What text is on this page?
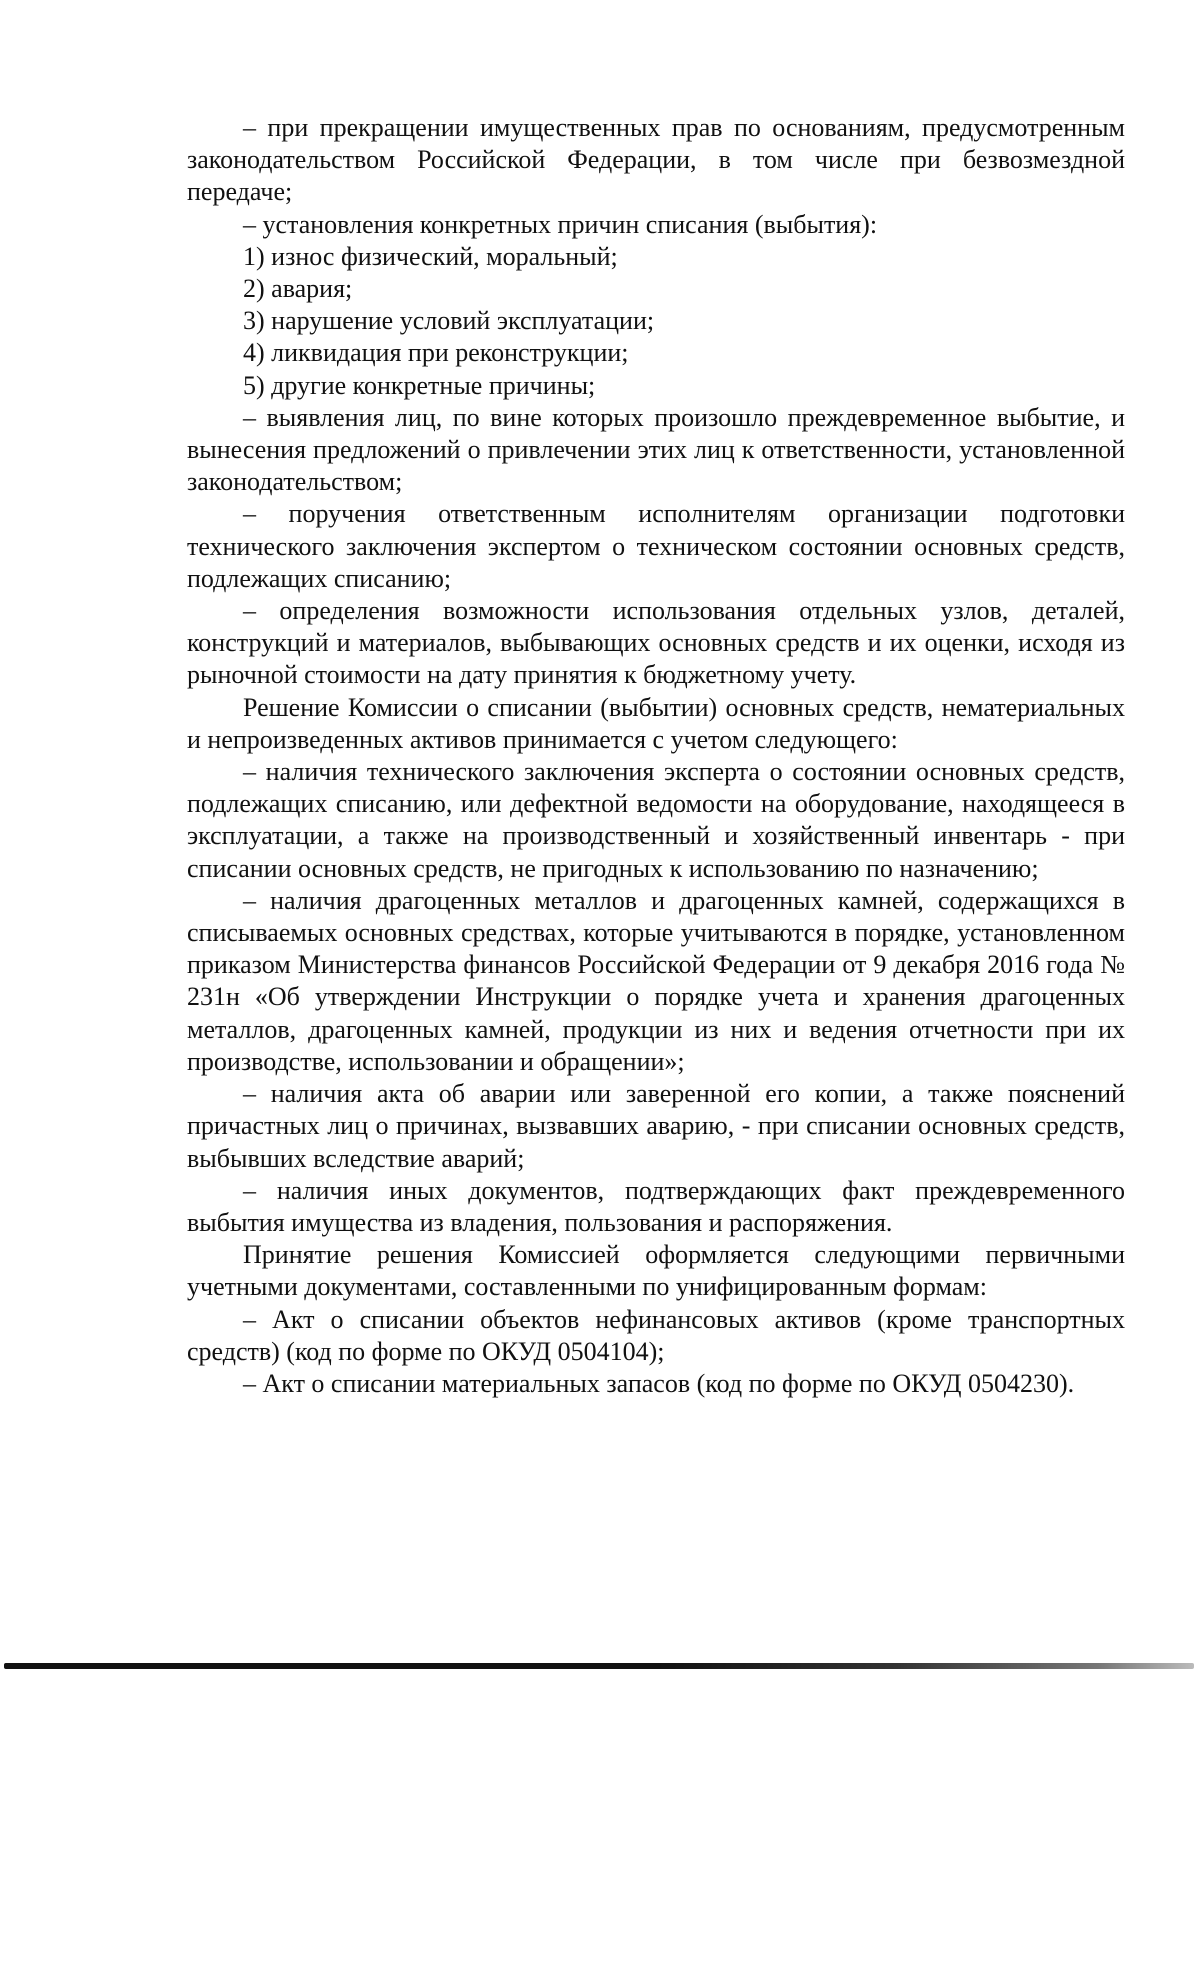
– при прекращении имущественных прав по основаниям, предусмотренным законодательством Российской Федерации, в том числе при безвозмездной передаче;

– установления конкретных причин списания (выбытия):

1) износ физический, моральный;

2) авария;

3) нарушение условий эксплуатации;

4) ликвидация при реконструкции;

5) другие конкретные причины;

– выявления лиц, по вине которых произошло преждевременное выбытие, и вынесения предложений о привлечении этих лиц к ответственности, установленной законодательством;

– поручения ответственным исполнителям организации подготовки технического заключения экспертом о техническом состоянии основных средств, подлежащих списанию;

– определения возможности использования отдельных узлов, деталей, конструкций и материалов, выбывающих основных средств и их оценки, исходя из рыночной стоимости на дату принятия к бюджетному учету.

Решение Комиссии о списании (выбытии) основных средств, нематериальных и непроизведенных активов принимается с учетом следующего:

– наличия технического заключения эксперта о состоянии основных средств, подлежащих списанию, или дефектной ведомости на оборудование, находящееся в эксплуатации, а также на производственный и хозяйственный инвентарь - при списании основных средств, не пригодных к использованию по назначению;

– наличия драгоценных металлов и драгоценных камней, содержащихся в списываемых основных средствах, которые учитываются в порядке, установленном приказом Министерства финансов Российской Федерации от 9 декабря 2016 года № 231н «Об утверждении Инструкции о порядке учета и хранения драгоценных металлов, драгоценных камней, продукции из них и ведения отчетности при их производстве, использовании и обращении»;

– наличия акта об аварии или заверенной его копии, а также пояснений причастных лиц о причинах, вызвавших аварию, - при списании основных средств, выбывших вследствие аварий;

– наличия иных документов, подтверждающих факт преждевременного выбытия имущества из владения, пользования и распоряжения.

Принятие решения Комиссией оформляется следующими первичными учетными документами, составленными по унифицированным формам:

– Акт о списании объектов нефинансовых активов (кроме транспортных средств) (код по форме по ОКУД 0504104);

– Акт о списании материальных запасов (код по форме по ОКУД 0504230).
